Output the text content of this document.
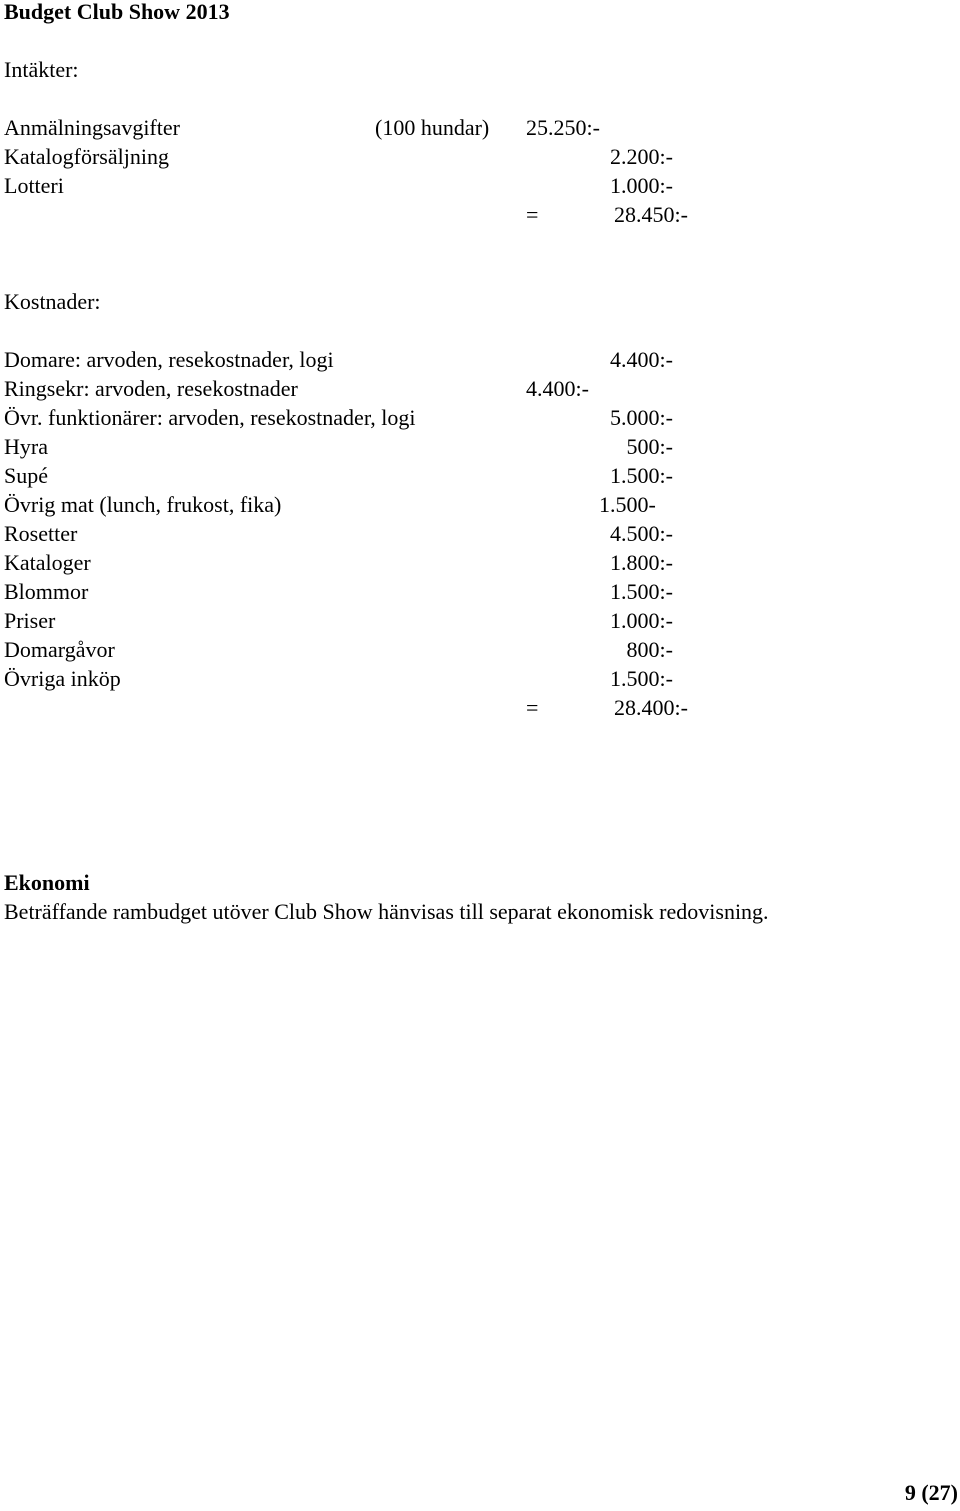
Budget Club Show 2013

Intäkter:

Anmälningsavgifter	(100 hundar) 25.250:-

Katalogförsäljning	2.200:-

Lotteri	1.000:-

=	28.450:-

Kostnader:

Domare: arvoden, resekostnader, logi	4.400:-

Ringsekr: arvoden, resekostnader	4.400:-

Övr. funktionärer: arvoden, resekostnader, logi	5.000:-

Hyra	500:-

Supé	1.500:-

Övrig mat (lunch, frukost, fika)	1.500-

Rosetter	4.500:-

Kataloger	1.800:-

Blommor	1.500:-

Priser	1.000:-

Domargåvor	800:-

Övriga inköp	1.500:-

=	28.400:-

Ekonomi

Beträffande rambudget utöver Club Show hänvisas till separat ekonomisk redovisning.

9 (27)
